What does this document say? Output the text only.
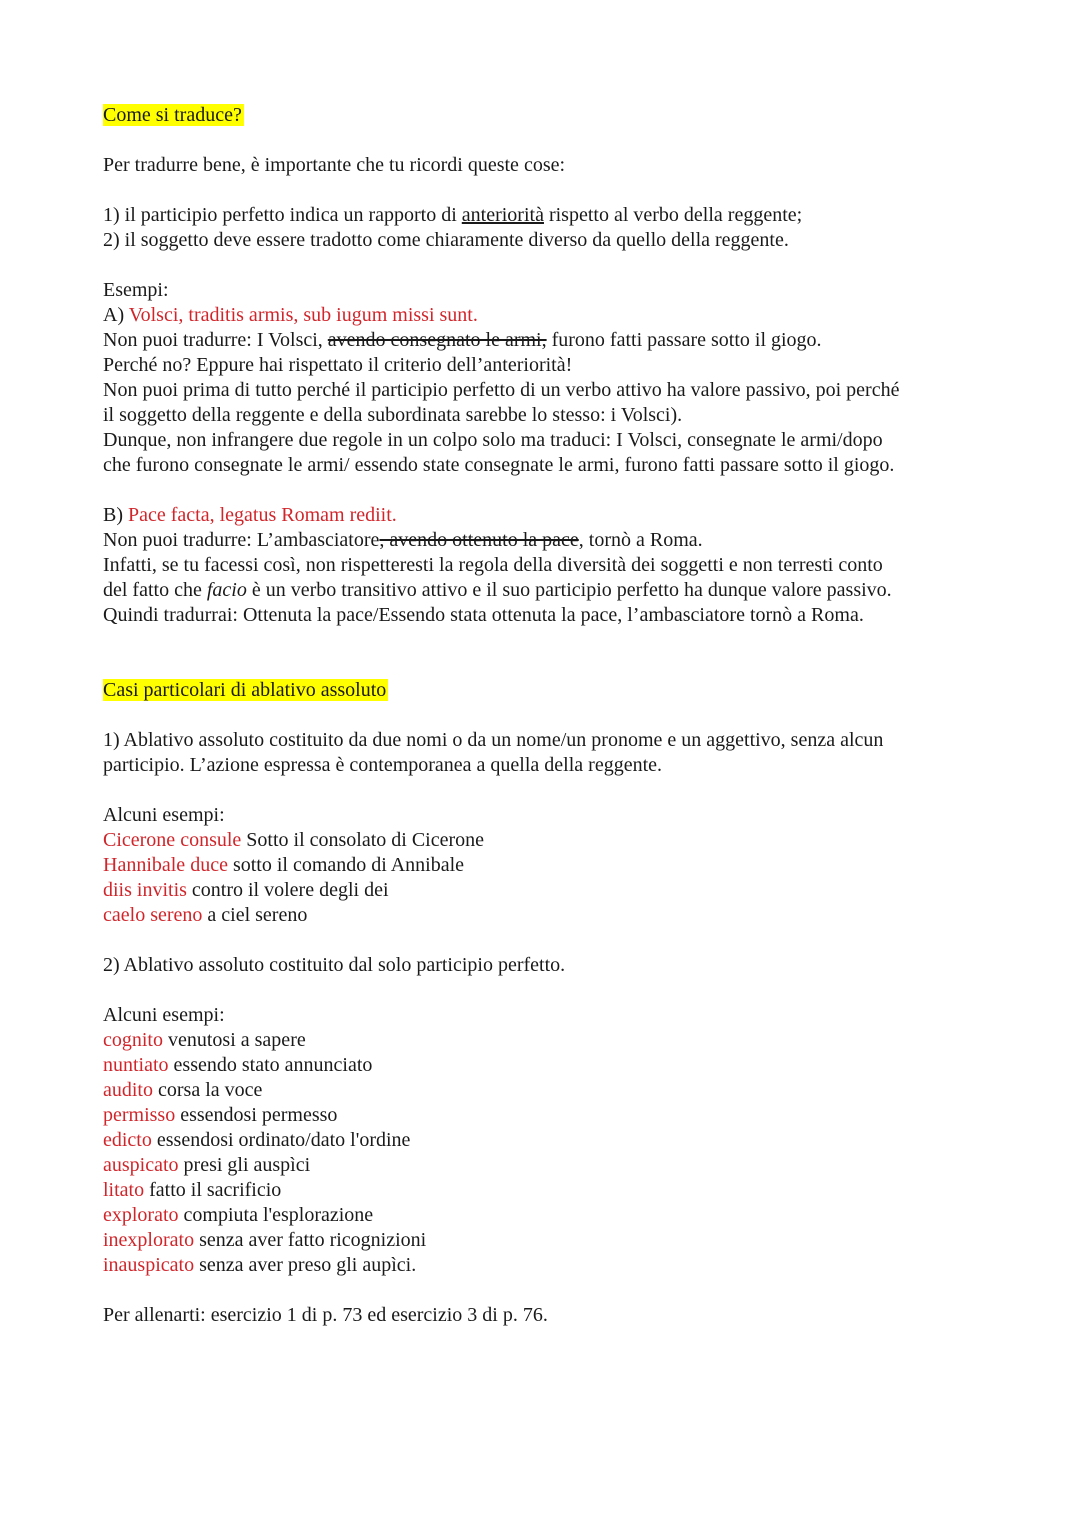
Come si traduce?
Per tradurre bene, è importante che tu ricordi queste cose:
1) il participio perfetto indica un rapporto di anteriorità rispetto al verbo della reggente;
2) il soggetto deve essere tradotto come chiaramente diverso da quello della reggente.
Esempi:
A) Volsci, traditis armis, sub iugum missi sunt.
Non puoi tradurre: I Volsci, avendo consegnato le armi, furono fatti passare sotto il giogo.
Perché no? Eppure hai rispettato il criterio dell’anteriorità!
Non puoi prima di tutto perché il participio perfetto di un verbo attivo ha valore passivo, poi perché
il soggetto della reggente e della subordinata sarebbe lo stesso: i Volsci).
Dunque, non infrangere due regole in un colpo solo ma traduci: I Volsci, consegnate le armi/dopo
che furono consegnate le armi/ essendo state consegnate le armi, furono fatti passare sotto il giogo.
B) Pace facta, legatus Romam rediit.
Non puoi tradurre: L’ambasciatore, avendo ottenuto la pace, tornò a Roma.
Infatti, se tu facessi così, non rispetteresti la regola della diversità dei soggetti e non terresti conto
del fatto che facio è un verbo transitivo attivo e il suo participio perfetto ha dunque valore passivo.
Quindi tradurrai: Ottenuta la pace/Essendo stata ottenuta la pace, l’ambasciatore tornò a Roma.
Casi particolari di ablativo assoluto
1) Ablativo assoluto costituito da due nomi o da un nome/un pronome e un aggettivo, senza alcun
participio. L’azione espressa è contemporanea a quella della reggente.
Alcuni esempi:
Cicerone consule Sotto il consolato di Cicerone
Hannibale duce sotto il comando di Annibale
diis invitis contro il volere degli dei
caelo sereno a ciel sereno
2) Ablativo assoluto costituito dal solo participio perfetto.
Alcuni esempi:
cognito venutosi a sapere
nuntiato essendo stato annunciato
audito corsa la voce
permisso essendosi permesso
edicto essendosi ordinato/dato l'ordine
auspicato presi gli auspìci
litato fatto il sacrificio
explorato compiuta l'esplorazione
inexplorato senza aver fatto ricognizioni
inauspicato senza aver preso gli aupìci.
Per allenarti: esercizio 1 di p. 73 ed esercizio 3 di p. 76.
